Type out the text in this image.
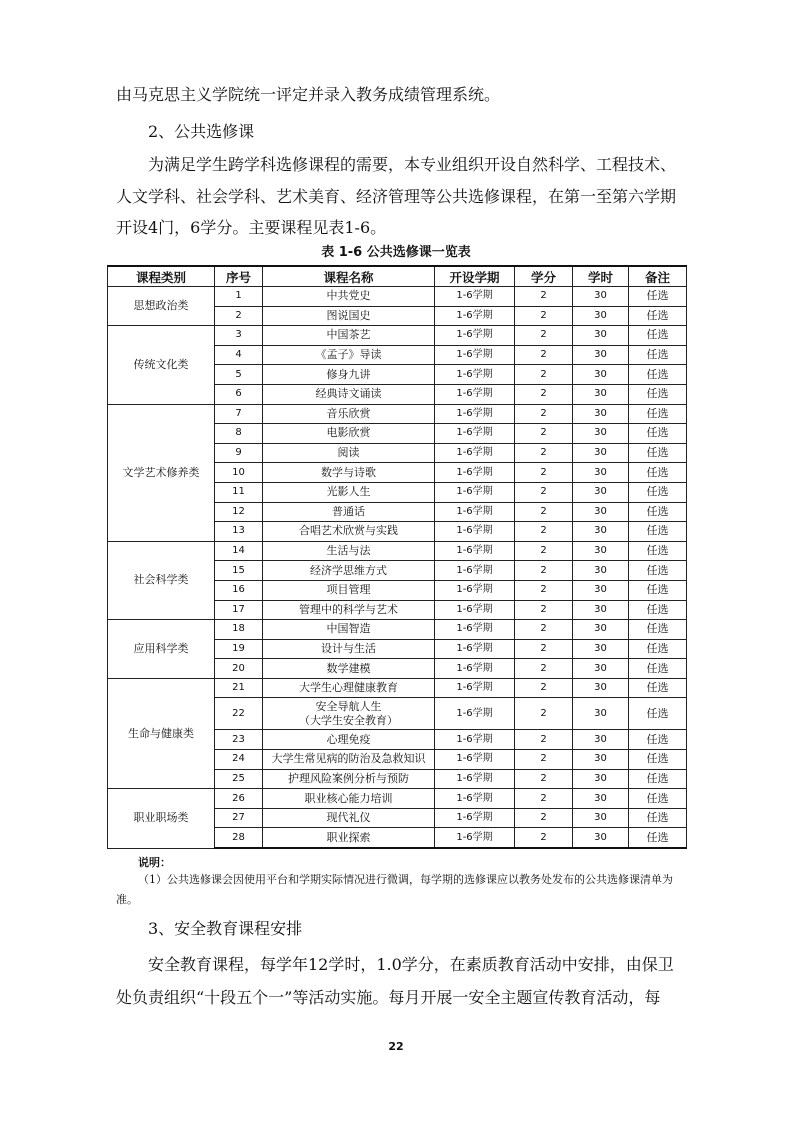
由马克思主义学院统一评定并录入教务成绩管理系统。

2、公共选修课

为满足学生跨学科选修课程的需要，本专业组织开设自然科学、工程技术、

人文学科、社会学科、艺术美育、经济管理等公共选修课程，在第一至第六学期

开设4门，6学分。主要课程见表1-6。

表 1-6 公共选修课一览表
课程类别	序号	课程名称	开设学期	学分	学时	备注
思想政治类	1	中共党史	1-6学期	2	30	任选
	2	图说国史	1-6学期	2	30	任选
传统文化类	3	中国茶艺	1-6学期	2	30	任选
	4	《孟子》导读	1-6学期	2	30	任选
	5	修身九讲	1-6学期	2	30	任选
	6	经典诗文诵读	1-6学期	2	30	任选
文学艺术修养类	7	音乐欣赏	1-6学期	2	30	任选
	8	电影欣赏	1-6学期	2	30	任选
	9	阅读	1-6学期	2	30	任选
	10	数学与诗歌	1-6学期	2	30	任选
	11	光影人生	1-6学期	2	30	任选
	12	普通话	1-6学期	2	30	任选
	13	合唱艺术欣赏与实践	1-6学期	2	30	任选
社会科学类	14	生活与法	1-6学期	2	30	任选
	15	经济学思维方式	1-6学期	2	30	任选
	16	项目管理	1-6学期	2	30	任选
	17	管理中的科学与艺术	1-6学期	2	30	任选
应用科学类	18	中国智造	1-6学期	2	30	任选
	19	设计与生活	1-6学期	2	30	任选
	20	数学建模	1-6学期	2	30	任选
生命与健康类	21	大学生心理健康教育	1-6学期	2	30	任选
	22	安全导航人生
（大学生安全教育）	1-6学期	2	30	任选
	23	心理免疫	1-6学期	2	30	任选
	24	大学生常见病的防治及急救知识	1-6学期	2	30	任选
	25	护理风险案例分析与预防	1-6学期	2	30	任选
职业职场类	26	职业核心能力培训	1-6学期	2	30	任选
	27	现代礼仪	1-6学期	2	30	任选
	28	职业探索	1-6学期	2	30	任选
说明：

（1）公共选修课会因使用平台和学期实际情况进行微调，每学期的选修课应以教务处发布的公共选修课清单为准。

3、安全教育课程安排

安全教育课程，每学年12学时，1.0学分，在素质教育活动中安排，由保卫

处负责组织“十段五个一”等活动实施。每月开展一安全主题宣传教育活动，每

22
